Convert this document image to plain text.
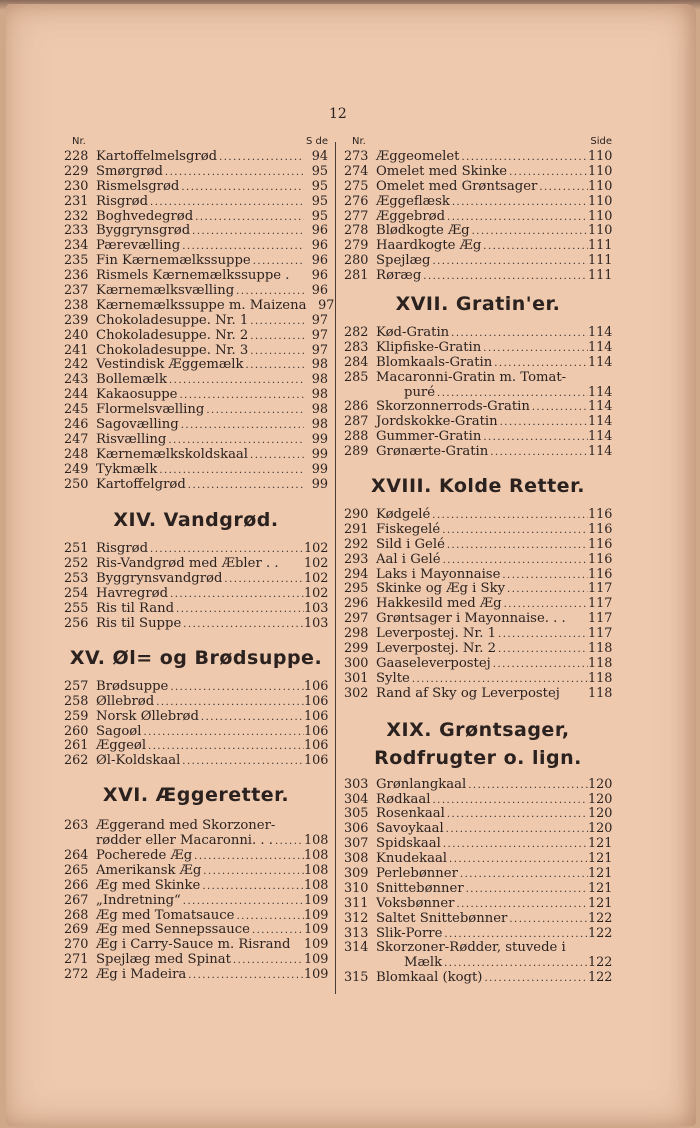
12
Nr.	S de
228 Kartoffelmelsgrød .....	94
229 Smørgrød .....	95
230 Rismelsgrød .....	95
231 Risgrød .....	95
232 Boghvedegrød .....	95
233 Byggrynsgrød .....	96
234 Pærevælling .....	96
235 Fin Kærnemælkssuppe .....	96
236 Rismels Kærnemælkssuppe .	96
237 Kærnemælksvælling .....	96
238 Kærnemælkssuppe m. Maizena 97
239 Chokoladesuppe. Nr. 1 .....	97
240 Chokoladesuppe. Nr. 2 .....	97
241 Chokoladesuppe. Nr. 3 .....	97
242 Vestindisk Æggemælk .....	98
243 Bollemælk .....	98
244 Kakaosuppe .....	98
245 Flormelsvælling .....	98
246 Sagovælling .....	98
247 Risvælling .....	99
248 Kærnemælkskoldskaal .....	99
249 Tykmælk .....	99
250 Kartoffelgrød .....	99
XIV. Vandgrød.
251 Risgrød .....	102
252 Ris-Vandgrød med Æbler . . 102
253 Byggrynsvandgrød .....	102
254 Havregrød .....	102
255 Ris til Rand .....	103
256 Ris til Suppe .....	103
XV. Øl= og Brødsuppe.
257 Brødsuppe .....	106
258 Øllebrød .....	106
259 Norsk Øllebrød .....	106
260 Sagoøl .....	106
261 Æggeøl .....	106
262 Øl-Koldskaal .....	106
XVI. Æggeretter.
263 Æggerand med Skorzoner-
rødder eller Macaronni. . . ..... 108
264 Pocherede Æg .....	108
265 Amerikansk Æg .....	108
266 Æg med Skinke .....	108
267 „Indretning“ .....	109
268 Æg med Tomatsauce .....	109
269 Æg med Sennepssauce .....	109
270 Æg i Carry-Sauce m. Risrand 109
271 Spejlæg med Spinat .....	109
272 Æg i Madeira .....	109
Nr.	Side
273 Æggeomelet .....	110
274 Omelet med Skinke .....	110
275 Omelet med Grøntsager .....	110
276 Æggeflæsk .....	110
277 Æggebrød .....	110
278 Blødkogte Æg .....	110
279 Haardkogte Æg .....	111
280 Spejlæg .....	111
281 Røræg .....	111
XVII. Gratin'er.
282 Kød-Gratin .....	114
283 Klipfiske-Gratin .....	114
284 Blomkaals-Gratin .....	114
285 Macaronni-Gratin m. Tomat-
puré .....	114
286 Skorzonnerrods-Gratin .....	114
287 Jordskokke-Gratin .....	114
288 Gummer-Gratin .....	114
289 Grønærte-Gratin .....	114
XVIII. Kolde Retter.
290 Kødgelé .....	116
291 Fiskegelé .....	116
292 Sild i Gelé .....	116
293 Aal i Gelé .....	116
294 Laks i Mayonnaise .....	116
295 Skinke og Æg i Sky .....	117
296 Hakkesild med Æg .....	117
297 Grøntsager i Mayonnaise. . . 117
298 Leverpostej. Nr. 1 .....	117
299 Leverpostej. Nr. 2 .....	118
300 Gaaseleverpostej .....	118
301 Sylte .....	118
302 Rand af Sky og Leverpostej 118
XIX. Grøntsager,
Rodfrugter o. lign.
303 Grønlangkaal .....	120
304 Rødkaal .....	120
305 Rosenkaal .....	120
306 Savoykaal .....	120
307 Spidskaal .....	121
308 Knudekaal .....	121
309 Perlebønner .....	121
310 Snittebønner .....	121
311 Voksbønner .....	121
312 Saltet Snittebønner .....	122
313 Slik-Porre .....	122
314 Skorzoner-Rødder, stuvede i
Mælk .....	122
315 Blomkaal (kogt) .....	122
